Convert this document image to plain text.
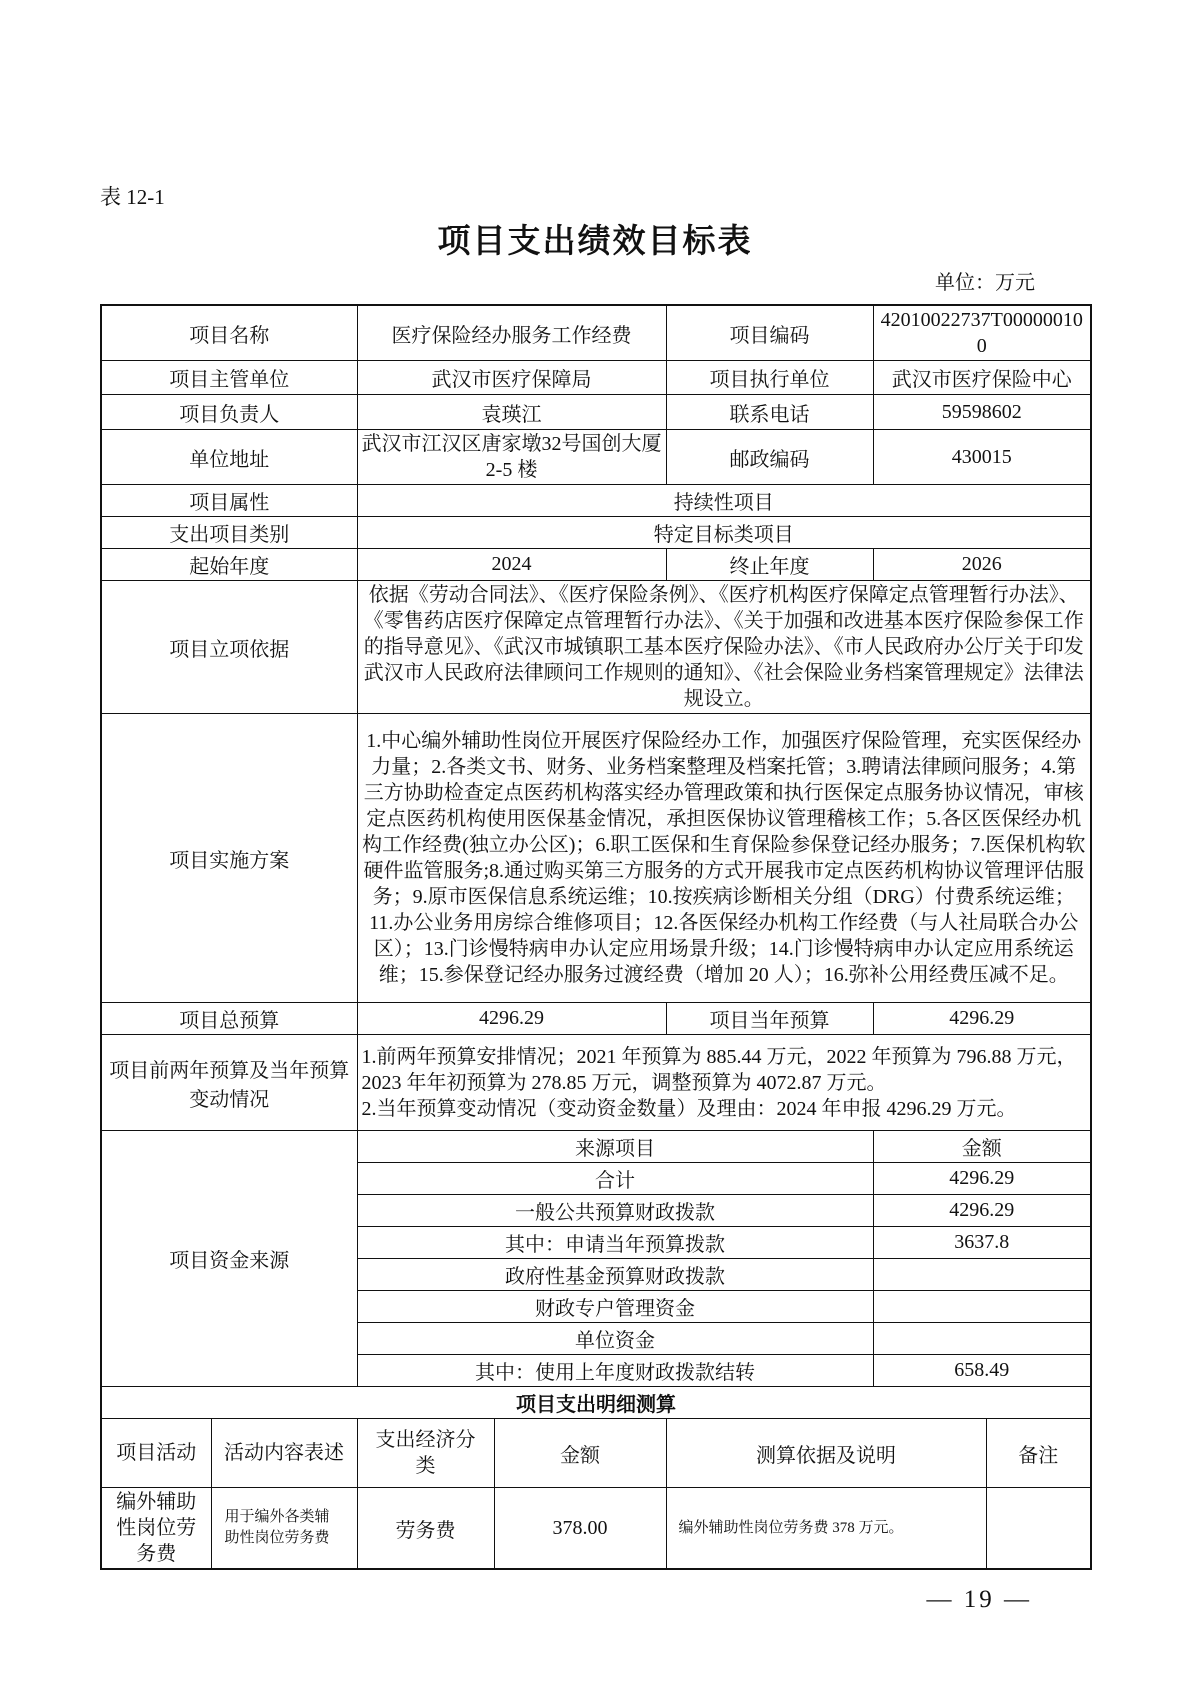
表 12-1
项目支出绩效目标表
单位：万元
项目名称		医疗保险经办服务工作经费		项目编码	42010022737T000000100	
项目主管单位		武汉市医疗保障局		项目执行单位	武汉市医疗保险中心	
项目负责人		袁瑛江		联系电话	59598602	
单位地址		武汉市江汉区唐家墩32号国创大厦 2-5 楼		邮政编码	430015	
项目属性		持续性项目				
支出项目类别		特定目标类项目				
起始年度		2024		终止年度	2026	
项目立项依据		依据《劳动合同法》、《医疗保险条例》、《医疗机构医疗保障定点管理暂行办法》、《零售药店医疗保障定点管理暂行办法》、《关于加强和改进基本医疗保险参保工作的指导意见》、《武汉市城镇职工基本医疗保险办法》、《市人民政府办公厅关于印发武汉市人民政府法律顾问工作规则的通知》、《社会保险业务档案管理规定》法律法规设立。				
项目实施方案		1.中心编外辅助性岗位开展医疗保险经办工作，加强医疗保险管理，充实医保经办力量；2.各类文书、财务、业务档案整理及档案托管；3.聘请法律顾问服务；4.第三方协助检查定点医药机构落实经办管理政策和执行医保定点服务协议情况，审核定点医药机构使用医保基金情况，承担医保协议管理稽核工作；5.各区医保经办机构工作经费(独立办公区)；6.职工医保和生育保险参保登记经办服务；7.医保机构软硬件监管服务;8.通过购买第三方服务的方式开展我市定点医药机构协议管理评估服务；9.原市医保信息系统运维；10.按疾病诊断相关分组（DRG）付费系统运维；11.办公业务用房综合维修项目；12.各医保经办机构工作经费（与人社局联合办公区）；13.门诊慢特病申办认定应用场景升级；14.门诊慢特病申办认定应用系统运维；15.参保登记经办服务过渡经费（增加 20 人）；16.弥补公用经费压减不足。				
项目总预算		4296.29		项目当年预算	4296.29	
项目前两年预算及当年预算变动情况		1.前两年预算安排情况；2021 年预算为 885.44 万元，2022 年预算为 796.88 万元，2023 年年初预算为 278.85 万元，调整预算为 4072.87 万元。
2.当年预算变动情况（变动资金数量）及理由：2024 年申报 4296.29 万元。				

项目资金来源		来源项目			金额	
		合计			4296.29	
		一般公共预算财政拨款			4296.29	
		其中：申请当年预算拨款			3637.8	
		政府性基金预算财政拨款				
		财政专户管理资金				
		单位资金				
		其中：使用上年度财政拨款结转			658.49	
项目支出明细测算						
项目活动	活动内容表述	支出经济分类	金额	测算依据及说明		备注
编外辅助性岗位劳务费	用于编外各类辅助性岗位劳务费	劳务费	378.00	编外辅助性岗位劳务费 378 万元。		
— 19 —
